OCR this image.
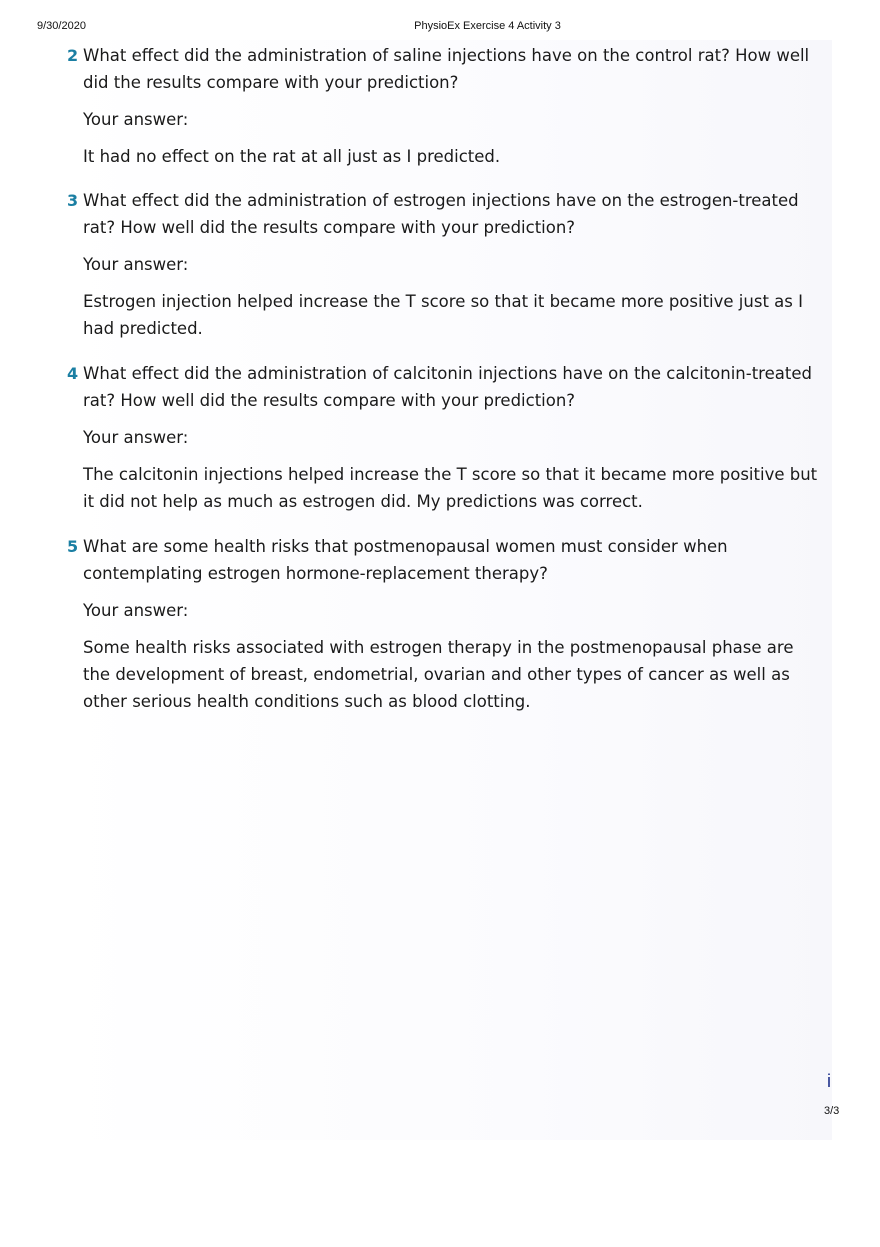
9/30/2020	PhysioEx Exercise 4 Activity 3
2 What effect did the administration of saline injections have on the control rat? How well did the results compare with your prediction?
Your answer:
It had no effect on the rat at all just as I predicted.
3 What effect did the administration of estrogen injections have on the estrogen-treated rat? How well did the results compare with your prediction?
Your answer:
Estrogen injection helped increase the T score so that it became more positive just as I had predicted.
4 What effect did the administration of calcitonin injections have on the calcitonin-treated rat? How well did the results compare with your prediction?
Your answer:
The calcitonin injections helped increase the T score so that it became more positive but it did not help as much as estrogen did. My predictions was correct.
5 What are some health risks that postmenopausal women must consider when contemplating estrogen hormone-replacement therapy?
Your answer:
Some health risks associated with estrogen therapy in the postmenopausal phase are the development of breast, endometrial, ovarian and other types of cancer as well as other serious health conditions such as blood clotting.
i
3/3
